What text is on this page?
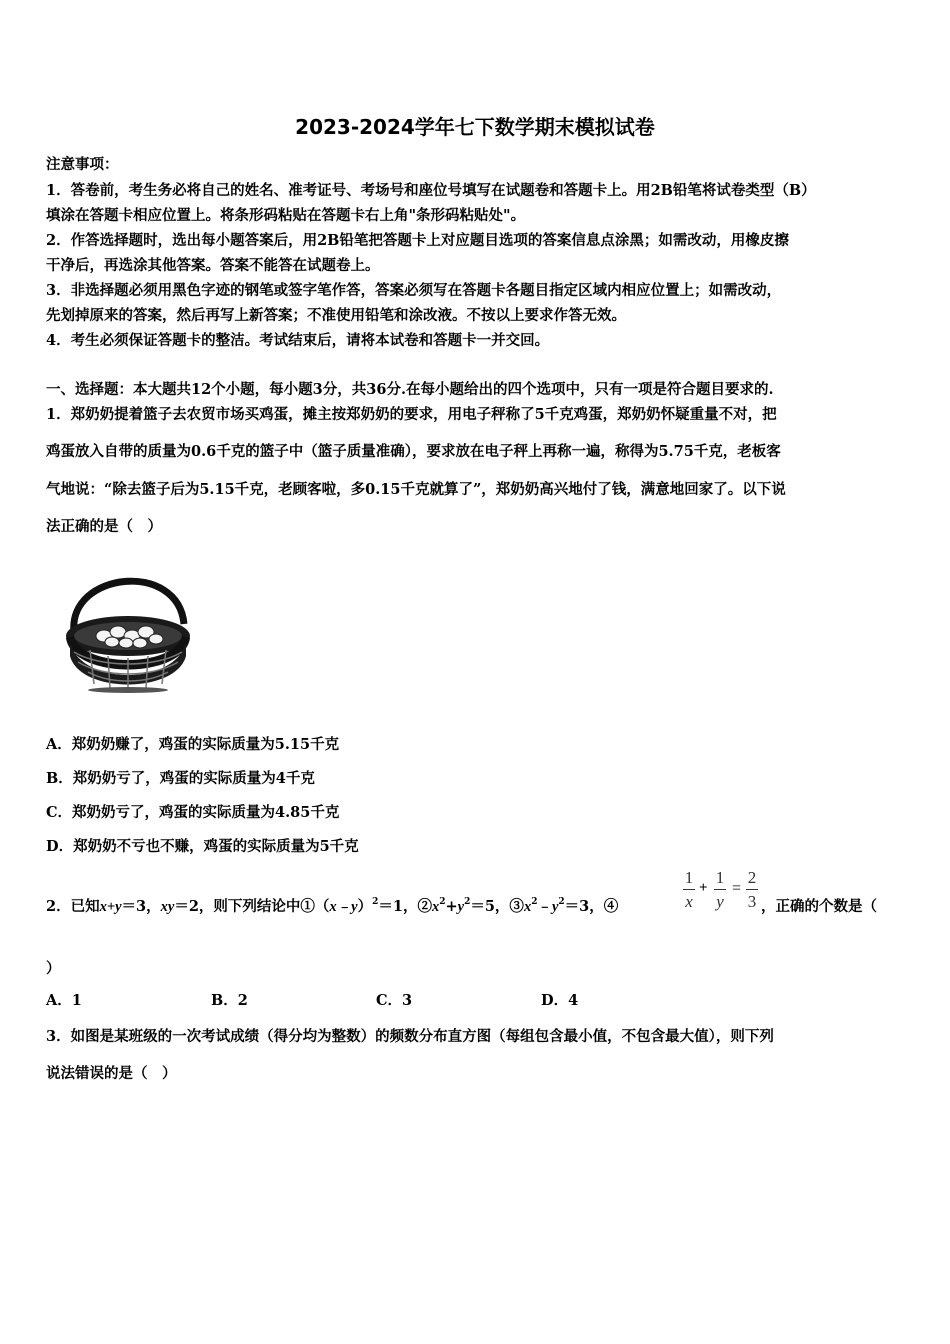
2023-2024学年七下数学期末模拟试卷
注意事项：
1．答卷前，考生务必将自己的姓名、准考证号、考场号和座位号填写在试题卷和答题卡上。用2B铅笔将试卷类型（B）
填涂在答题卡相应位置上。将条形码粘贴在答题卡右上角"条形码粘贴处"。
2．作答选择题时，选出每小题答案后，用2B铅笔把答题卡上对应题目选项的答案信息点涂黑；如需改动，用橡皮擦
干净后，再选涂其他答案。答案不能答在试题卷上。
3．非选择题必须用黑色字迹的钢笔或签字笔作答，答案必须写在答题卡各题目指定区域内相应位置上；如需改动，
先划掉原来的答案，然后再写上新答案；不准使用铅笔和涂改液。不按以上要求作答无效。
4．考生必须保证答题卡的整洁。考试结束后，请将本试卷和答题卡一并交回。
一、选择题：本大题共12个小题，每小题3分，共36分.在每小题给出的四个选项中，只有一项是符合题目要求的.
1．郑奶奶提着篮子去农贸市场买鸡蛋，摊主按郑奶奶的要求，用电子秤称了5千克鸡蛋，郑奶奶怀疑重量不对，把
鸡蛋放入自带的质量为0.6千克的篮子中（篮子质量准确），要求放在电子秤上再称一遍，称得为5.75千克，老板客
气地说：“除去篮子后为5.15千克，老顾客啦，多0.15千克就算了”，郑奶奶高兴地付了钱，满意地回家了。以下说
法正确的是（　）
A．郑奶奶赚了，鸡蛋的实际质量为5.15千克
B．郑奶奶亏了，鸡蛋的实际质量为4千克
C．郑奶奶亏了，鸡蛋的实际质量为4.85千克
D．郑奶奶不亏也不赚，鸡蛋的实际质量为5千克
2．已知x+y＝3，xy＝2，则下列结论中①（x﹣y）$^2$＝1，$②x^2+y^2=5$，$③x^2﹣y^2=3$，④
1
x
+
1
y
=
2
3 ，正确的个数是（
）
A．1	B．2	C．3	D．4
3．如图是某班级的一次考试成绩（得分均为整数）的频数分布直方图（每组包含最小值，不包含最大值），则下列
说法错误的是（　）
